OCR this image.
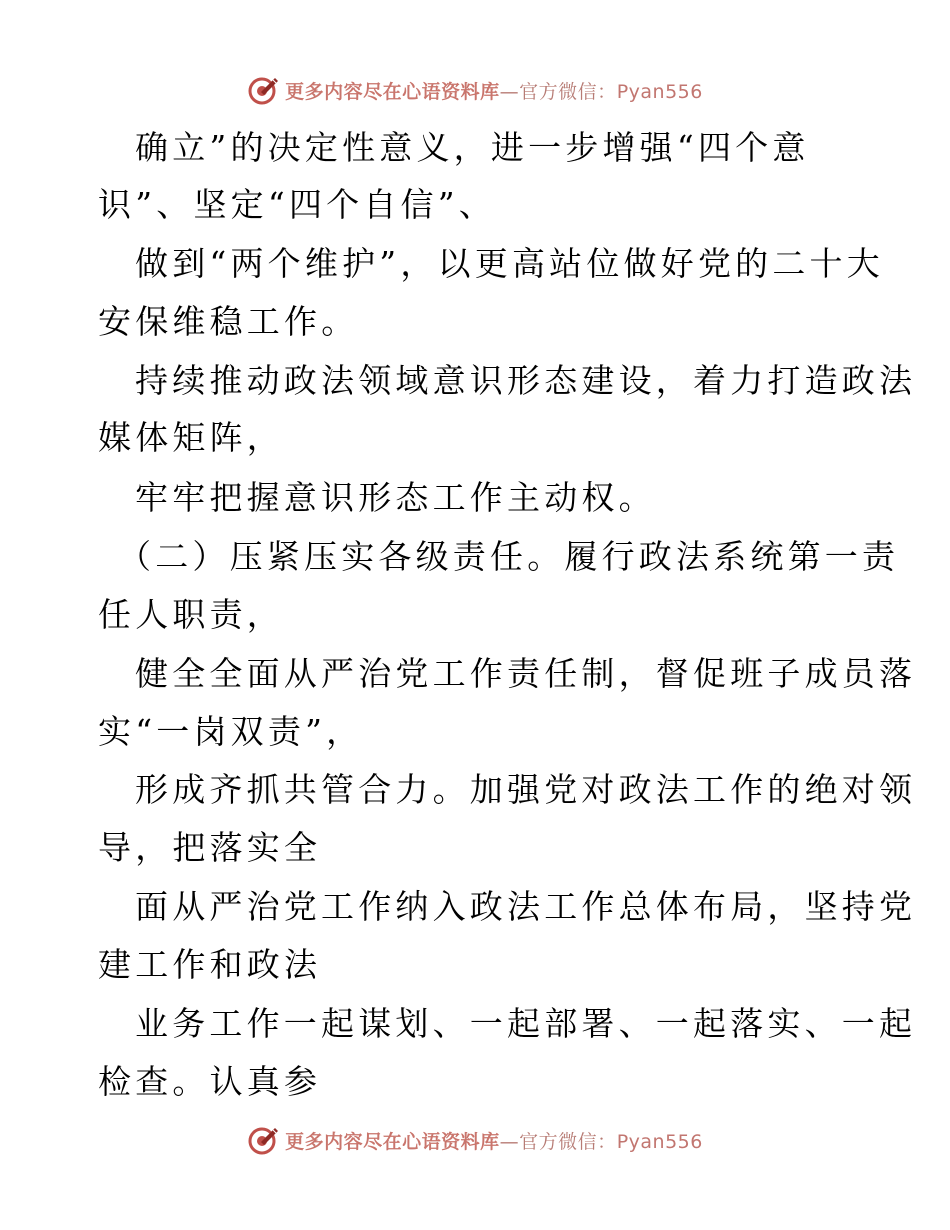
更多内容尽在心语资料库—官方微信：Pyan556
确立”的决定性意义，进一步增强“四个意
识”、坚定“四个自信”、
做到“两个维护”，以更高站位做好党的二十大
安保维稳工作。
持续推动政法领域意识形态建设，着力打造政法
媒体矩阵，
牢牢把握意识形态工作主动权。
（二）压紧压实各级责任。履行政法系统第一责
任人职责，
健全全面从严治党工作责任制，督促班子成员落
实“一岗双责”，
形成齐抓共管合力。加强党对政法工作的绝对领
导，把落实全
面从严治党工作纳入政法工作总体布局，坚持党
建工作和政法
业务工作一起谋划、一起部署、一起落实、一起
检查。认真参
更多内容尽在心语资料库—官方微信：Pyan556
